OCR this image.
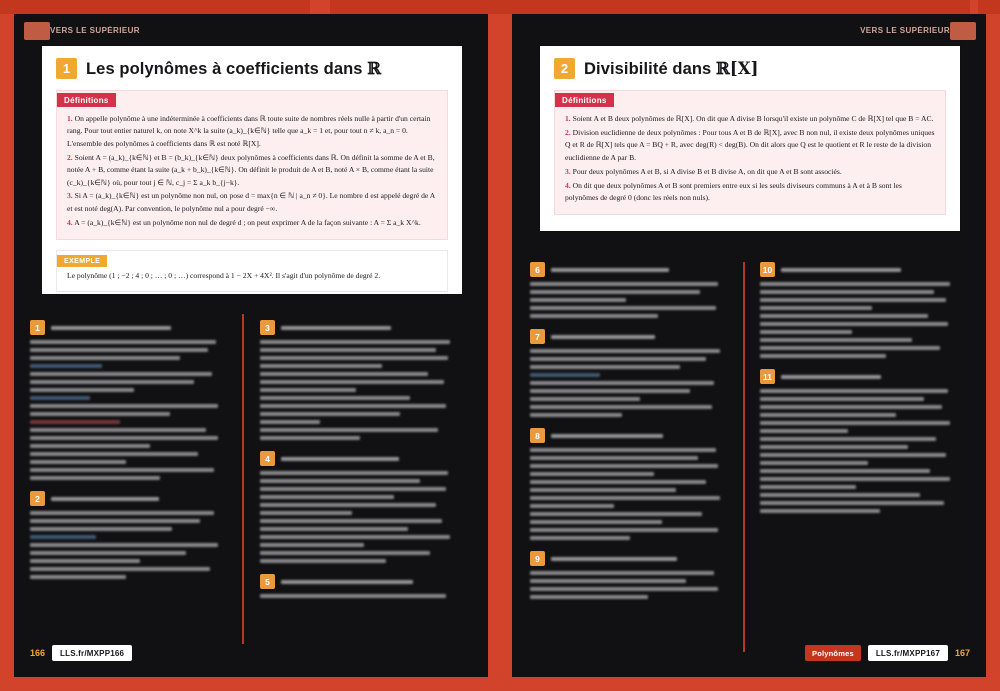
VERS LE SUPÉRIEUR
1
2
3
4
5
166	LLS.fr/MXPP166
VERS LE SUPÉRIEUR
6
7
8
9
10
11
Polynômes	LLS.fr/MXPP167	167
1 Les polynômes à coefficients dans ℝ
Définitions

1. On appelle polynôme à une indéterminée à coefficients dans ℝ toute suite de nombres réels nulle à partir d'un certain rang. Pour tout entier naturel k, on note X^k la suite (a_k)_{k∈ℕ} telle que a_k = 1 et, pour tout n ≠ k, a_n = 0. L'ensemble des polynômes à coefficients dans ℝ est noté ℝ[X].

2. Soient A = (a_k)_{k∈ℕ} et B = (b_k)_{k∈ℕ} deux polynômes à coefficients dans ℝ. On définit la somme de A et B, notée A + B, comme étant la suite (a_k + b_k)_{k∈ℕ}. On définit le produit de A et B, noté A × B, comme étant la suite (c_k)_{k∈ℕ} où, pour tout j ∈ ℕ, c_j = Σ a_k b_{j−k}.

3. Si A = (a_k)_{k∈ℕ} est un polynôme non nul, on pose d = max{n ∈ ℕ | a_n ≠ 0}. Le nombre d est appelé degré de A et est noté deg(A). Par convention, le polynôme nul a pour degré −∞.

4. A = (a_k)_{k∈ℕ} est un polynôme non nul de degré d ; on peut exprimer A de la façon suivante : A = Σ a_k X^k.

EXEMPLE

Le polynôme (1 ; −2 ; 4 ; 0 ; … ; 0 ; …) correspond à 1 − 2X + 4X². Il s'agit d'un polynôme de degré 2.

2 Divisibilité dans ℝ[X]
Définitions

1. Soient A et B deux polynômes de ℝ[X]. On dit que A divise B lorsqu'il existe un polynôme C de ℝ[X] tel que B = AC.

2. Division euclidienne de deux polynômes : Pour tous A et B de ℝ[X], avec B non nul, il existe deux polynômes uniques Q et R de ℝ[X] tels que A = BQ + R, avec deg(R) < deg(B). On dit alors que Q est le quotient et R le reste de la division euclidienne de A par B.

3. Pour deux polynômes A et B, si A divise B et B divise A, on dit que A et B sont associés.

4. On dit que deux polynômes A et B sont premiers entre eux si les seuls diviseurs communs à A et à B sont les polynômes de degré 0 (donc les réels non nuls).
